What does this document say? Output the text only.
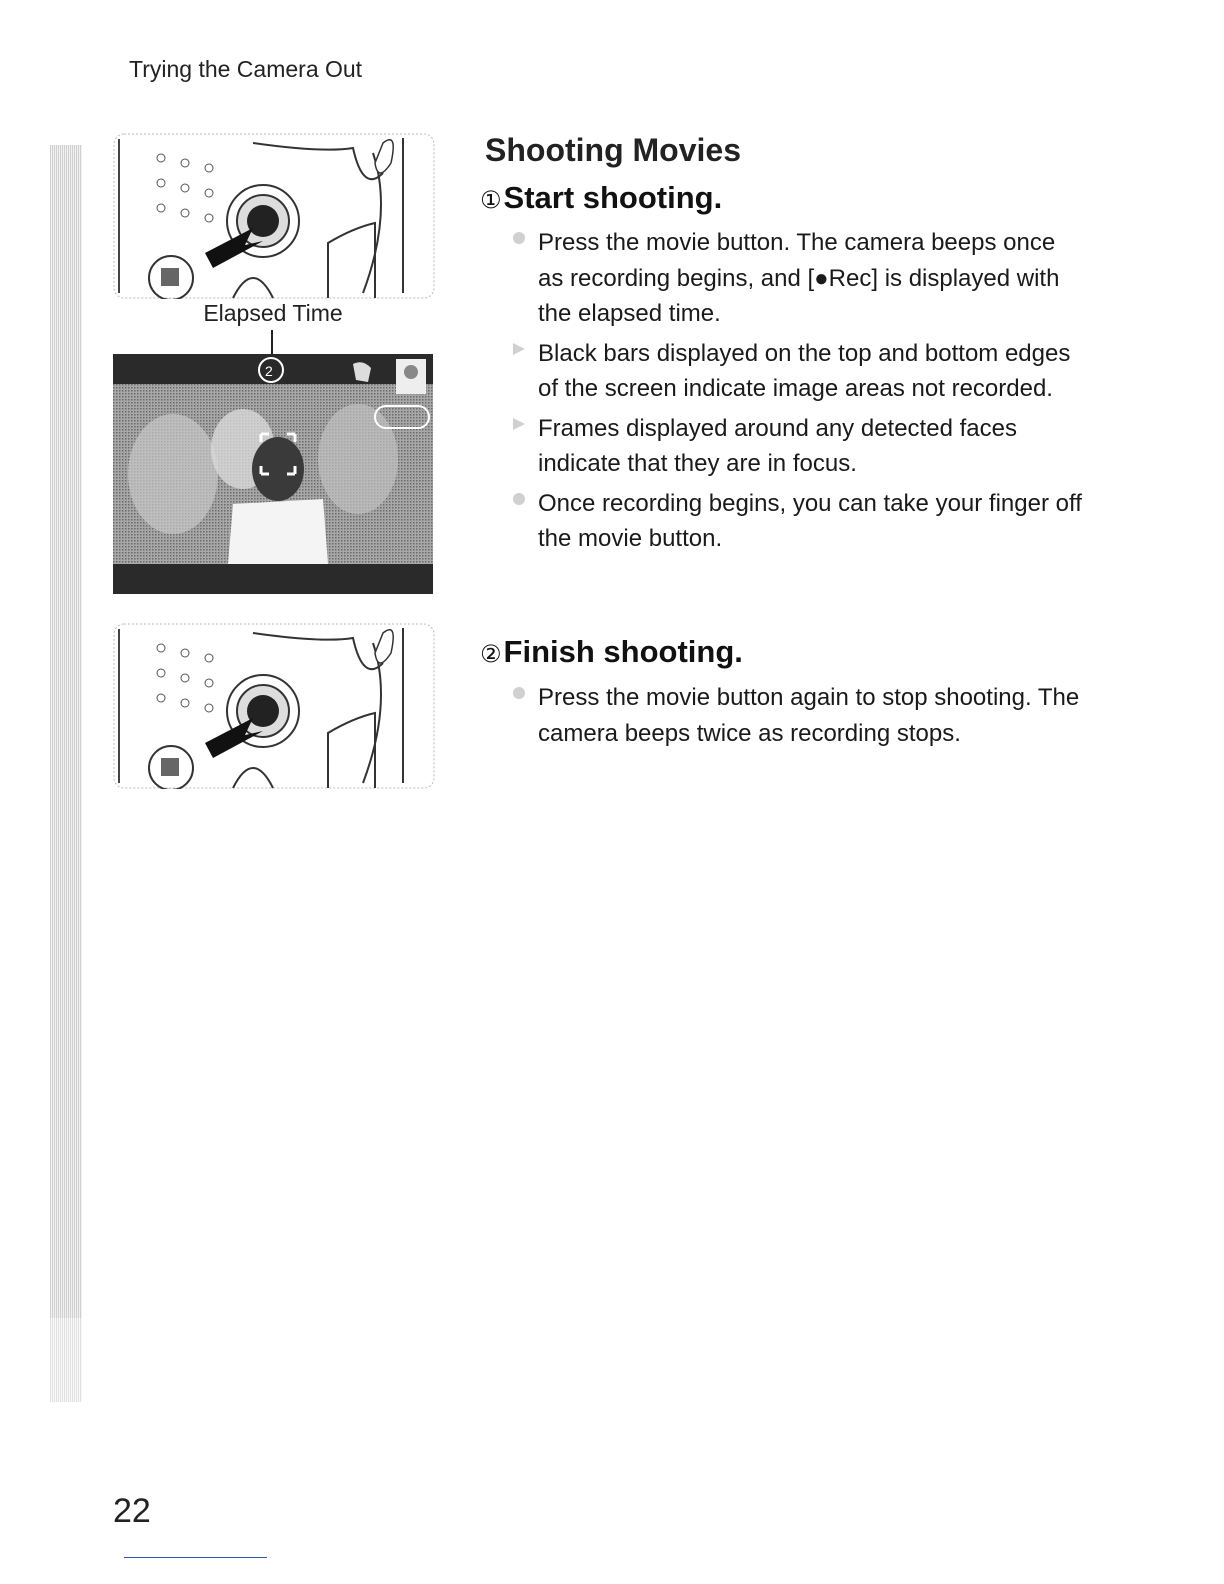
Trying the Camera Out
Elapsed Time
2
Shooting Movies
①Start shooting.
Press the movie button. The camera beeps once as recording begins, and [●Rec] is displayed with the elapsed time.
Black bars displayed on the top and bottom edges of the screen indicate image areas not recorded.
Frames displayed around any detected faces indicate that they are in focus.
Once recording begins, you can take your finger off the movie button.
②Finish shooting.
Press the movie button again to stop shooting. The camera beeps twice as recording stops.
22
